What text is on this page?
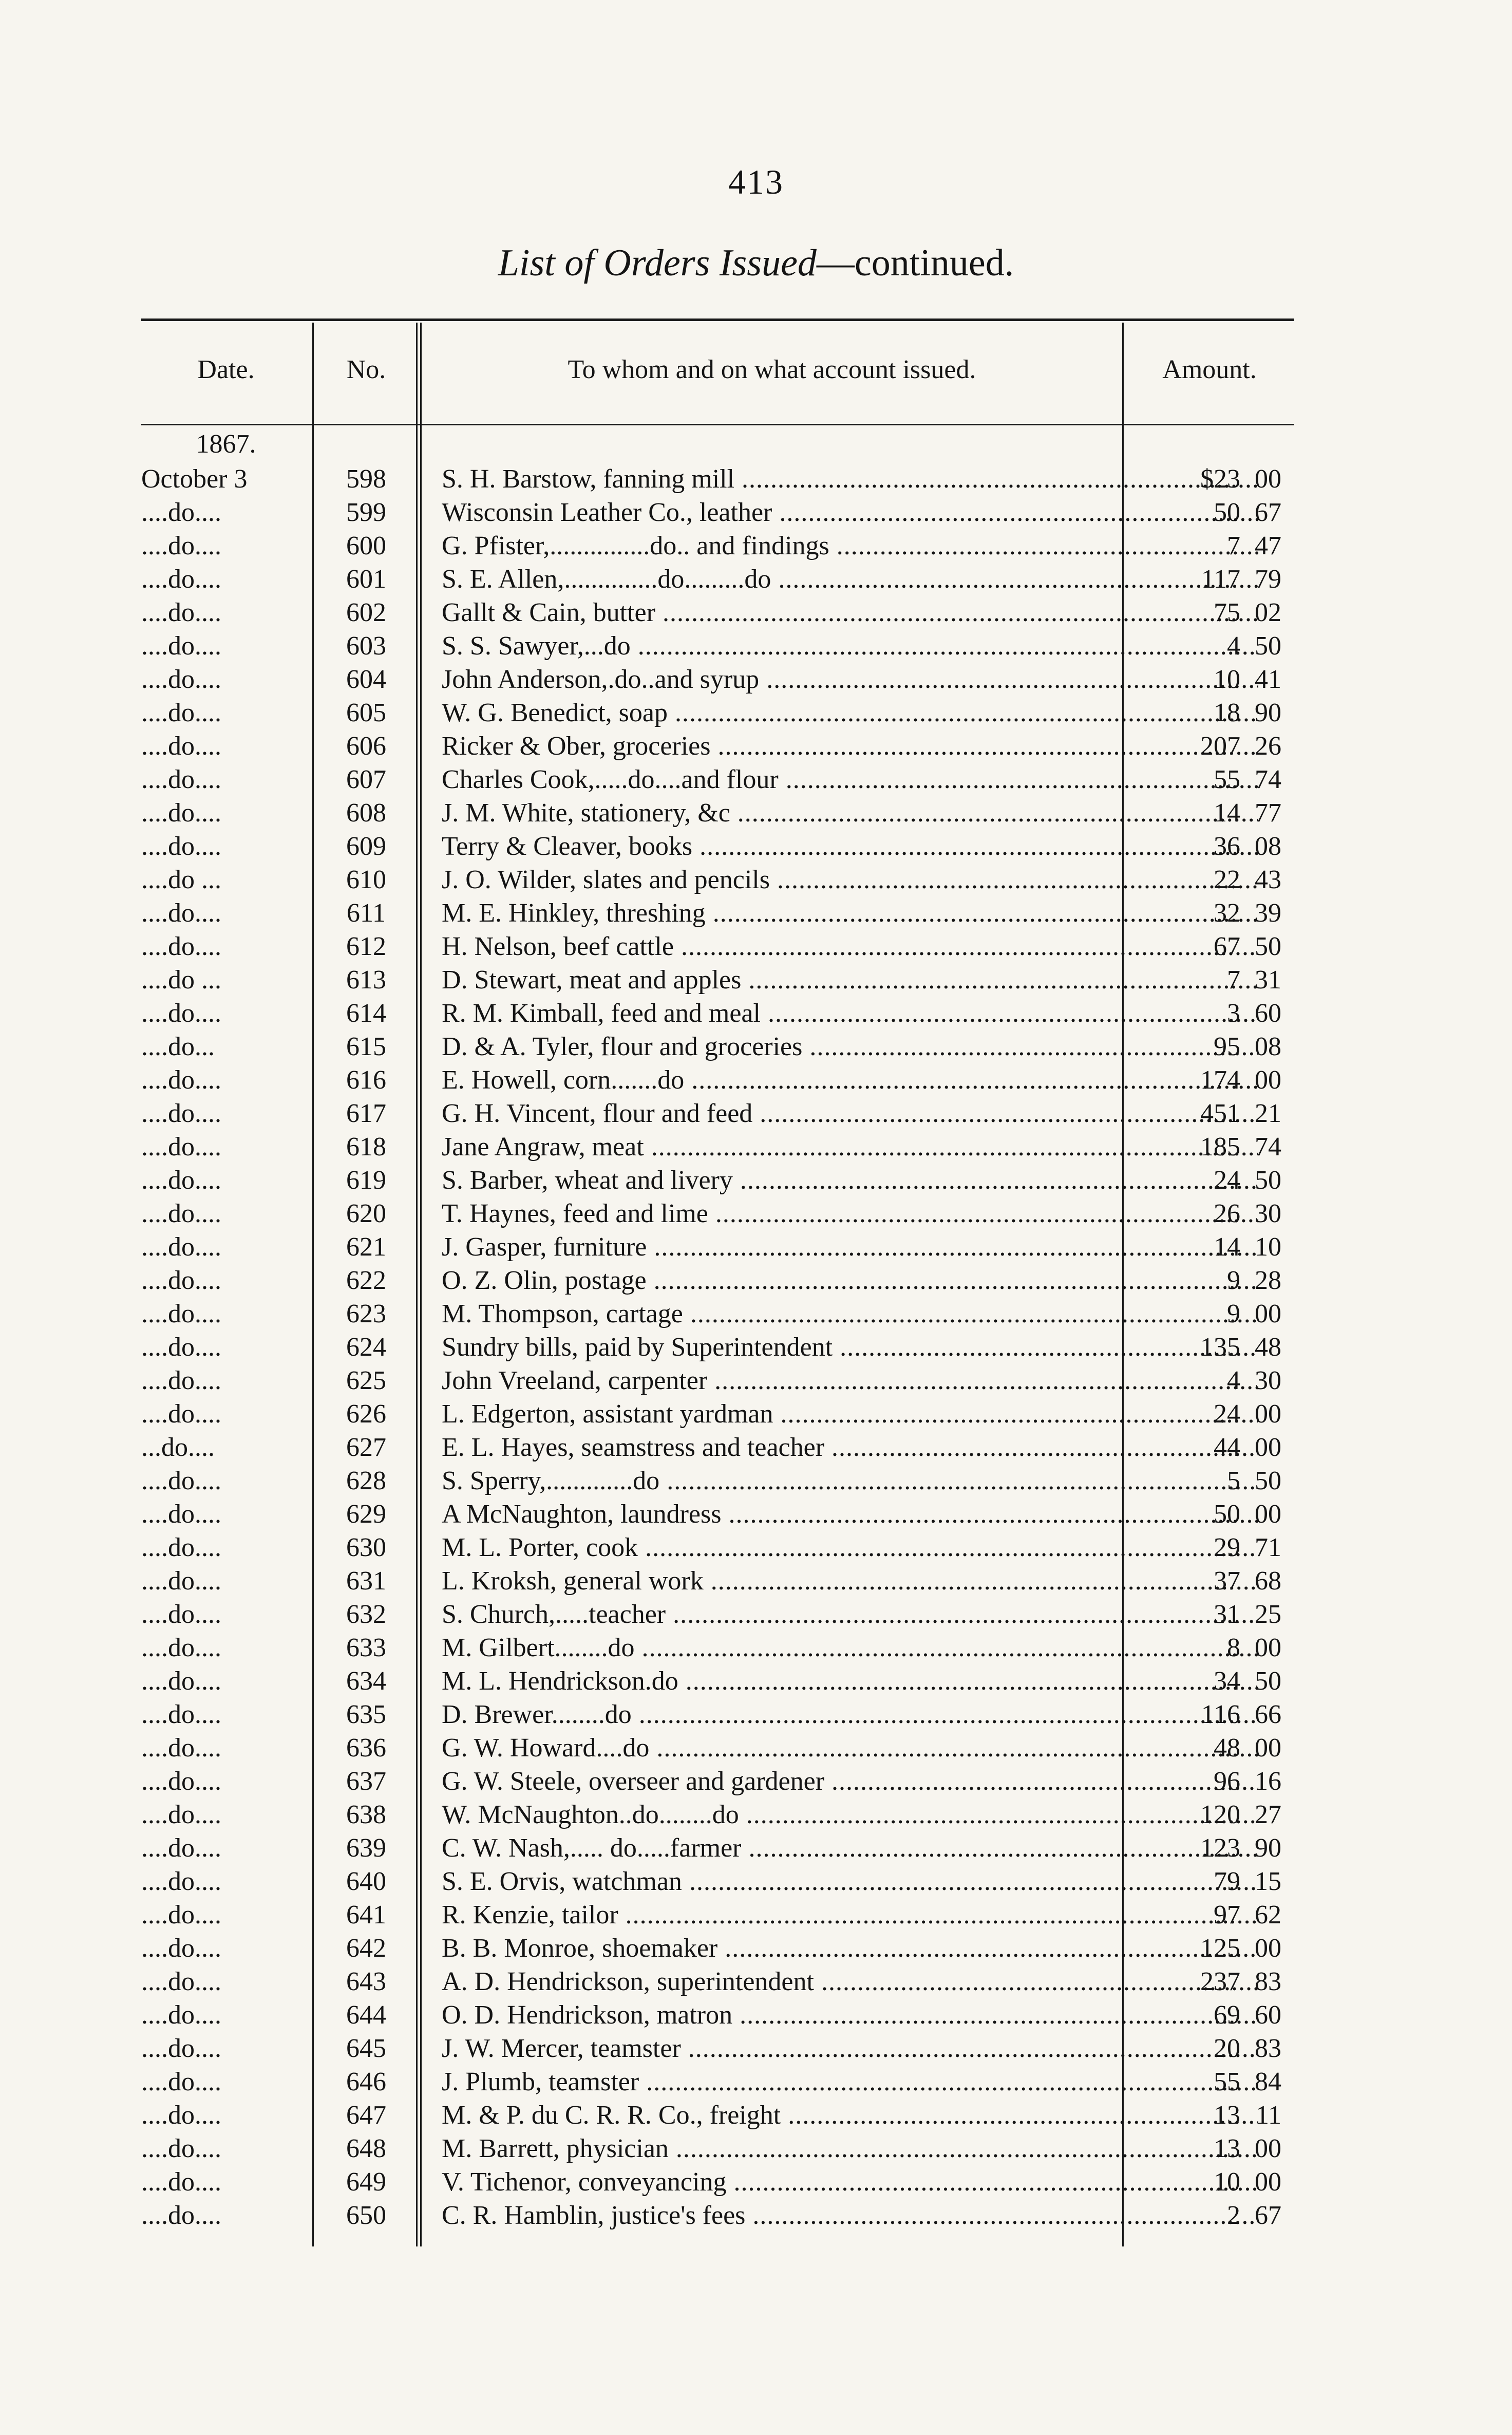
413
List of Orders Issued—continued.
Date.	No.	To whom and on what account issued.	Amount.
1867.
October 3	598	S. H. Barstow, fanning mill .....	$23 00
....do....	599	Wisconsin Leather Co., leather .....	50 67
....do....	600	G. Pfister,...............do.. and findings .....	7 47
....do....	601	S. E. Allen,..............do.........do .....	117 79
....do....	602	Gallt & Cain, butter .....	75 02
....do....	603	S. S. Sawyer,...do .....	4 50
....do....	604	John Anderson,.do..and syrup .....	10 41
....do....	605	W. G. Benedict, soap .....	18 90
....do....	606	Ricker & Ober, groceries .....	207 26
....do....	607	Charles Cook,.....do....and flour .....	55 74
....do....	608	J. M. White, stationery, &c .....	14 77
....do....	609	Terry & Cleaver, books .....	36 08
....do ...	610	J. O. Wilder, slates and pencils .....	22 43
....do....	611	M. E. Hinkley, threshing .....	32 39
....do....	612	H. Nelson, beef cattle .....	67 50
....do ...	613	D. Stewart, meat and apples .....	7 31
....do....	614	R. M. Kimball, feed and meal .....	3 60
....do...	615	D. & A. Tyler, flour and groceries .....	95 08
....do....	616	E. Howell, corn.......do .....	174 00
....do....	617	G. H. Vincent, flour and feed .....	451 21
....do....	618	Jane Angraw, meat .....	185 74
....do....	619	S. Barber, wheat and livery .....	24 50
....do....	620	T. Haynes, feed and lime .....	26 30
....do....	621	J. Gasper, furniture .....	14 10
....do....	622	O. Z. Olin, postage .....	9 28
....do....	623	M. Thompson, cartage .....	9 00
....do....	624	Sundry bills, paid by Superintendent .....	135 48
....do....	625	John Vreeland, carpenter .....	4 30
....do....	626	L. Edgerton, assistant yardman .....	24 00
...do....	627	E. L. Hayes, seamstress and teacher .....	44 00
....do....	628	S. Sperry,.............do .....	5 50
....do....	629	A McNaughton, laundress .....	50 00
....do....	630	M. L. Porter, cook .....	29 71
....do....	631	L. Kroksh, general work .....	37 68
....do....	632	S. Church,.....teacher .....	31 25
....do....	633	M. Gilbert........do .....	8 00
....do....	634	M. L. Hendrickson.do .....	34 50
....do....	635	D. Brewer........do .....	116 66
....do....	636	G. W. Howard....do .....	48 00
....do....	637	G. W. Steele, overseer and gardener .....	96 16
....do....	638	W. McNaughton..do........do .....	120 27
....do....	639	C. W. Nash,..... do.....farmer .....	123 90
....do....	640	S. E. Orvis, watchman .....	79 15
....do....	641	R. Kenzie, tailor .....	97 62
....do....	642	B. B. Monroe, shoemaker .....	125 00
....do....	643	A. D. Hendrickson, superintendent .....	237 83
....do....	644	O. D. Hendrickson, matron .....	69 60
....do....	645	J. W. Mercer, teamster .....	20 83
....do....	646	J. Plumb, teamster .....	55 84
....do....	647	M. & P. du C. R. R. Co., freight .....	13 11
....do....	648	M. Barrett, physician .....	13 00
....do....	649	V. Tichenor, conveyancing .....	10 00
....do....	650	C. R. Hamblin, justice's fees .....	2 67
